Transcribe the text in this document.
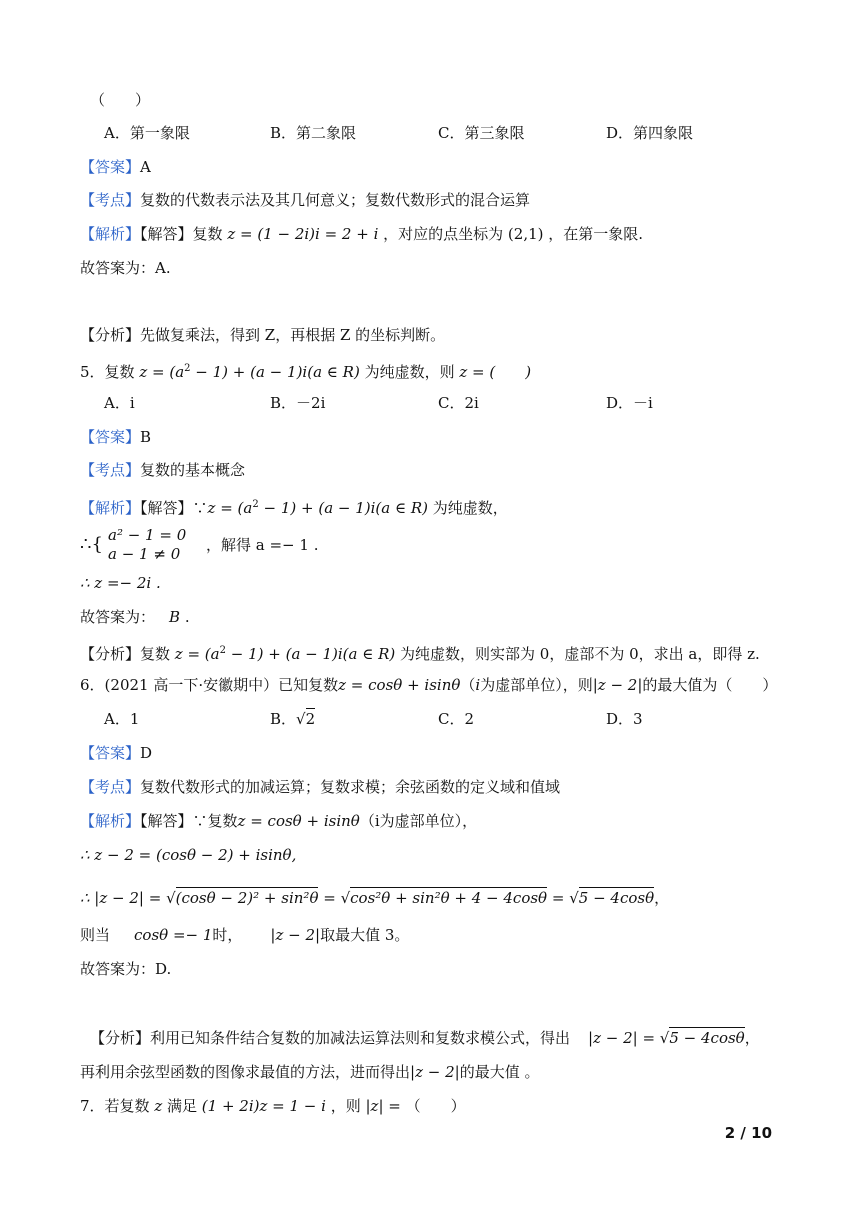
（　　）
A．第一象限	B．第二象限	C．第三象限	D．第四象限
【答案】A
【考点】复数的代数表示法及其几何意义；复数代数形式的混合运算
【解析】【解答】复数 z = (1 − 2i)i = 2 + i ，对应的点坐标为 (2,1) ，在第一象限.
故答案为：A.
【分析】先做复乘法，得到 Z，再根据 Z 的坐标判断。
5．复数 $z = (a^2 - 1) + (a - 1)i(a$ ∈ R) 为纯虚数，则 z = (　　)
A．i	B．－2i	C．2i	D．－i
【答案】B
【考点】复数的基本概念
【解析】【解答】∵z = $(a^2 - 1) + (a - 1)i(a$ ∈ R) 为纯虚数，
∴{ a² − 1 = 0
a − 1 ≠ 0 ，解得 a =− 1 .
∴ z =− 2i .
故答案为： B .
【分析】复数 $z = (a^2 - 1) + (a - 1)i(a$ ∈ R) 为纯虚数，则实部为 0，虚部不为 0，求出 a，即得 z.
6．(2021 高一下·安徽期中）已知复数z = cosθ + isinθ（i为虚部单位），则|z − 2|的最大值为（　　）
A．1	B．√2	C．2	D．3
【答案】D
【考点】复数代数形式的加减运算；复数求模；余弦函数的定义域和值域
【解析】【解答】∵复数z = cosθ + isinθ（i为虚部单位），
∴ z − 2 = (cosθ − 2) + isinθ,
∴ |z − 2| = √(cosθ − 2)² + sin²θ = √cos²θ + sin²θ + 4 − 4cosθ = √5 − 4cosθ，
则当 cosθ =− 1时， |z − 2|取最大值 3。
故答案为：D.
【分析】利用已知条件结合复数的加减法运算法则和复数求模公式，得出 |z − 2| = √5 − 4cosθ，
再利用余弦型函数的图像求最值的方法，进而得出|z − 2|的最大值 。
7．若复数 z 满足 (1 + 2i)z = 1 − i ，则 |z| = （　　）
2 / 10
